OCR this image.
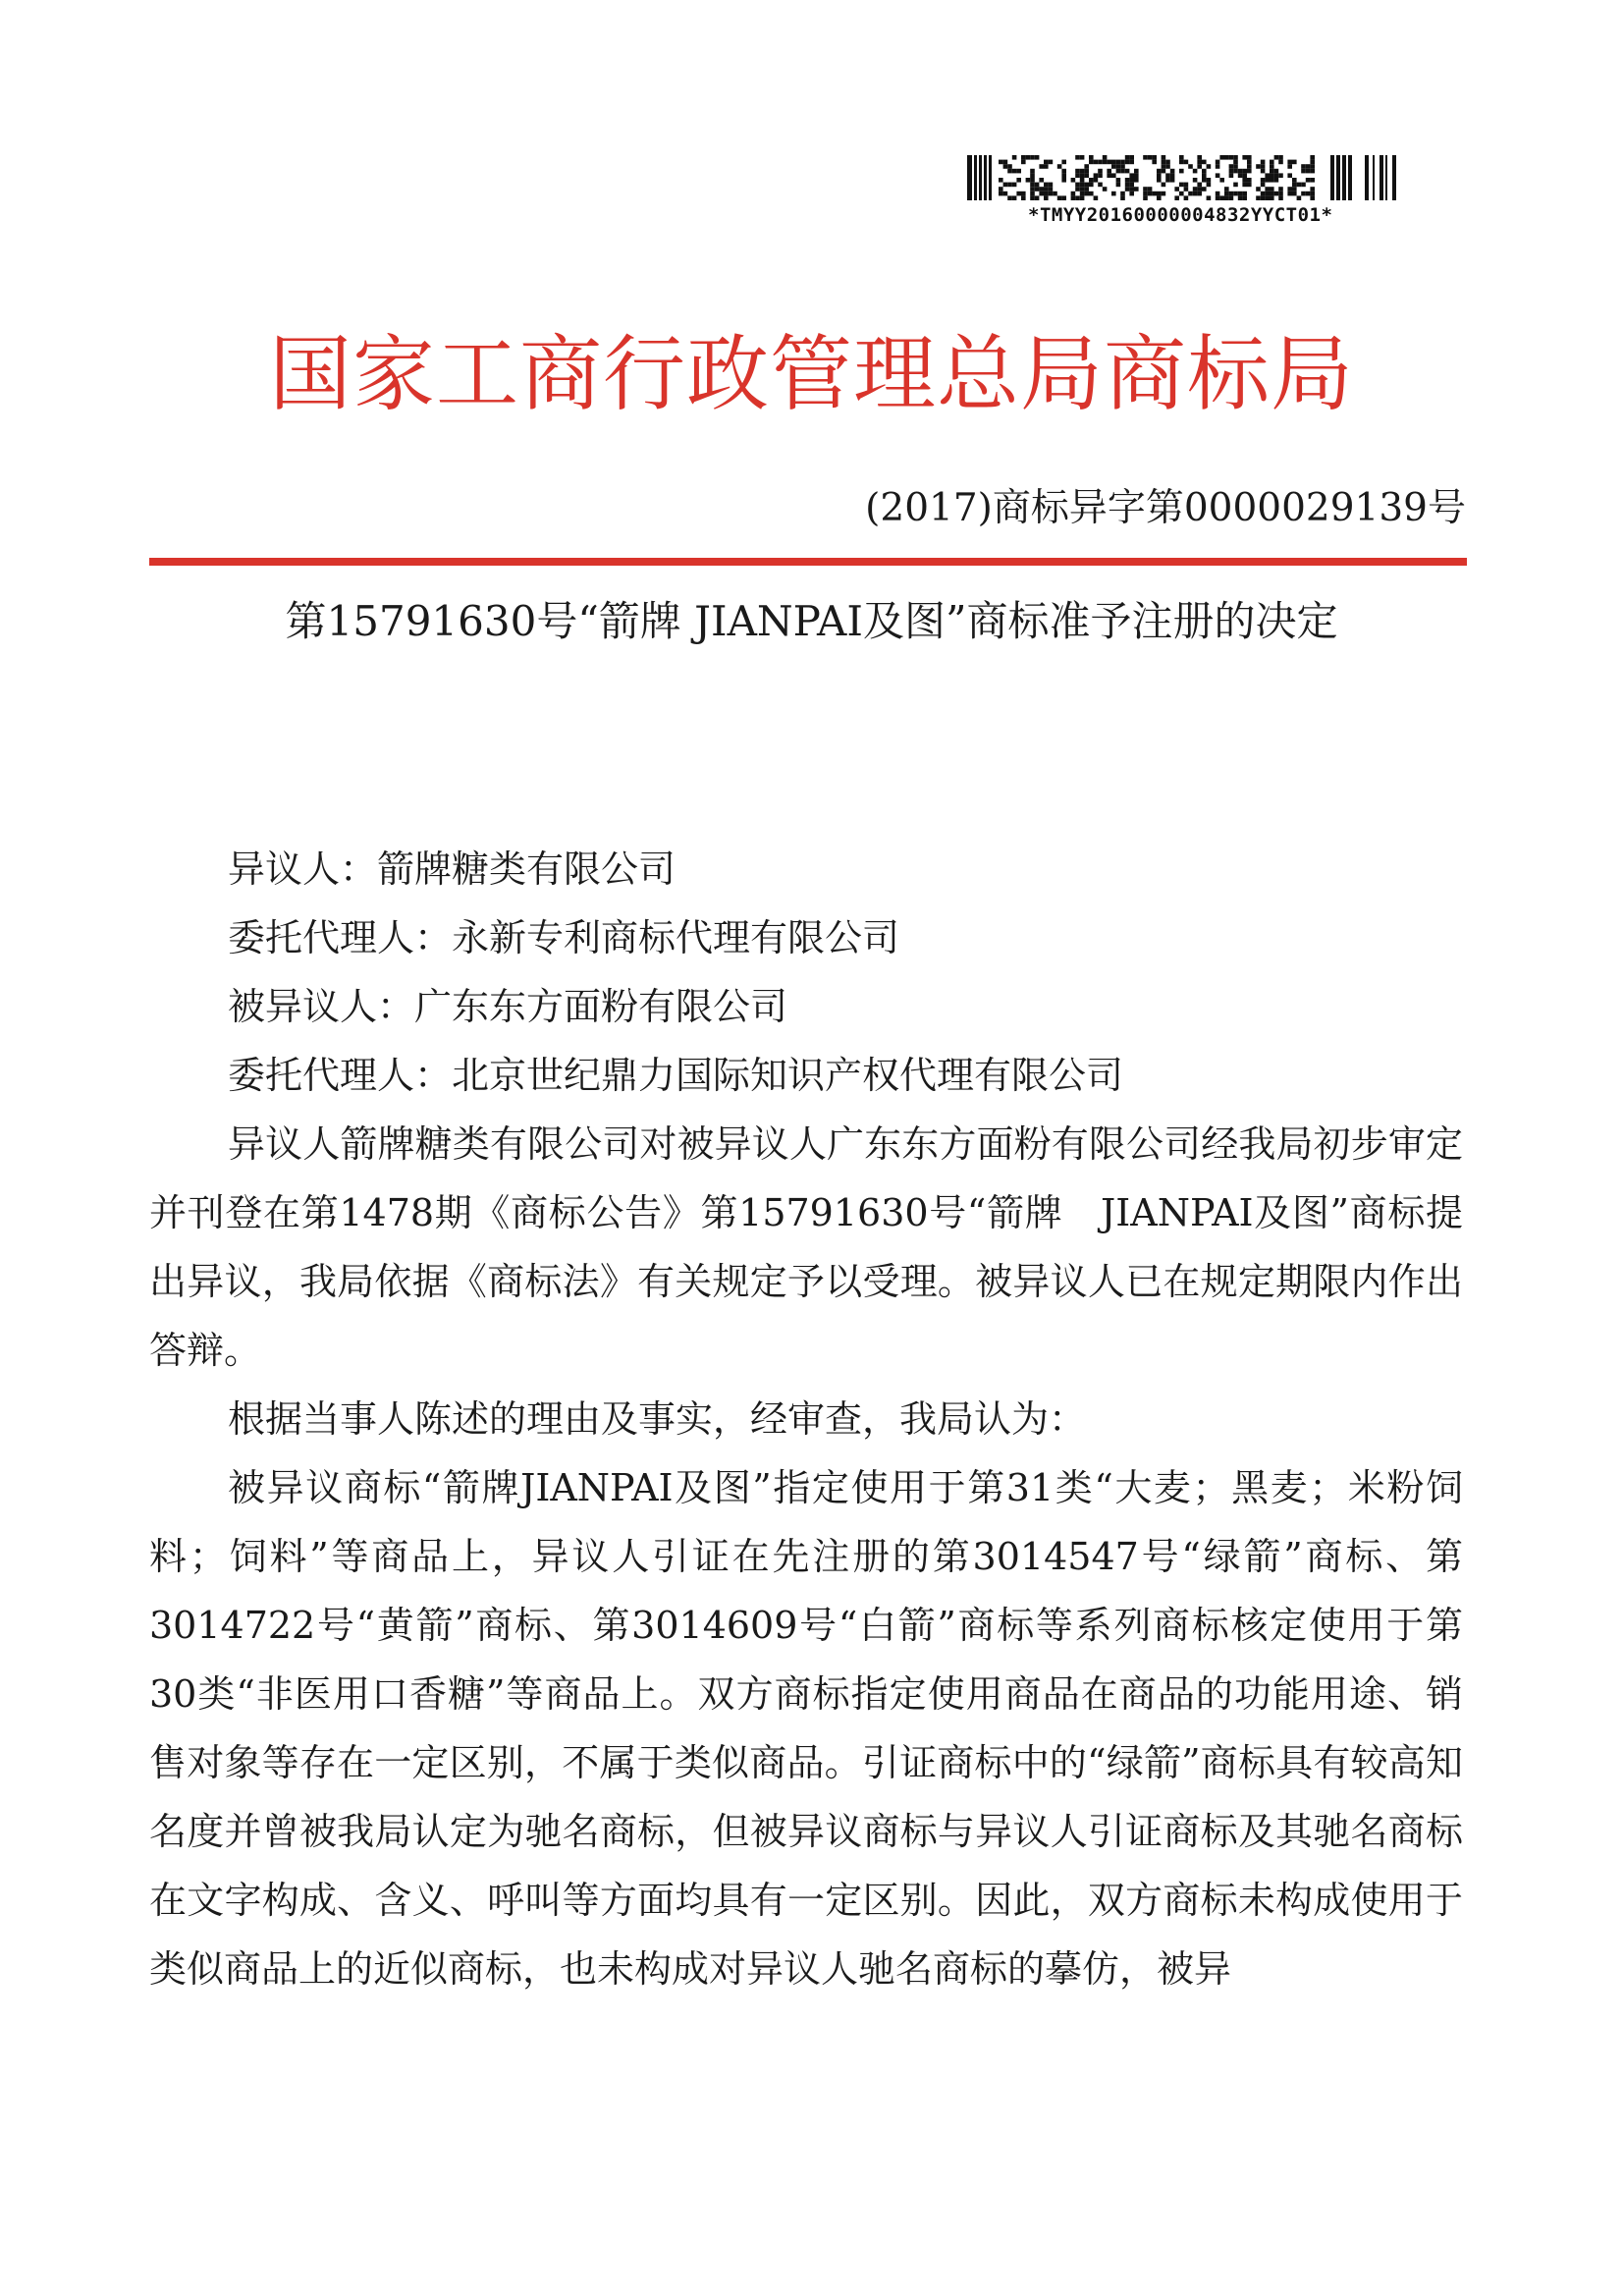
*TMYY20160000004832YYCT01*
国家工商行政管理总局商标局
(2017)商标异字第0000029139号
第15791630号“箭牌 JIANPAI及图”商标准予注册的决定
异议人：箭牌糖类有限公司
委托代理人：永新专利商标代理有限公司
被异议人：广东东方面粉有限公司
委托代理人：北京世纪鼎力国际知识产权代理有限公司

异议人箭牌糖类有限公司对被异议人广东东方面粉有限公司经我局初步审定并刊登在第1478期《商标公告》第15791630号“箭牌　JIANPAI及图”商标提出异议，我局依据《商标法》有关规定予以受理。被异议人已在规定期限内作出答辩。

根据当事人陈述的理由及事实，经审查，我局认为：

被异议商标“箭牌JIANPAI及图”指定使用于第31类“大麦；黑麦；米粉饲料；饲料”等商品上，异议人引证在先注册的第3014547号“绿箭”商标、第3014722号“黄箭”商标、第3014609号“白箭”商标等系列商标核定使用于第30类“非医用口香糖”等商品上。双方商标指定使用商品在商品的功能用途、销售对象等存在一定区别，不属于类似商品。引证商标中的“绿箭”商标具有较高知名度并曾被我局认定为驰名商标，但被异议商标与异议人引证商标及其驰名商标在文字构成、含义、呼叫等方面均具有一定区别。因此，双方商标未构成使用于类似商品上的近似商标，也未构成对异议人驰名商标的摹仿，被异
